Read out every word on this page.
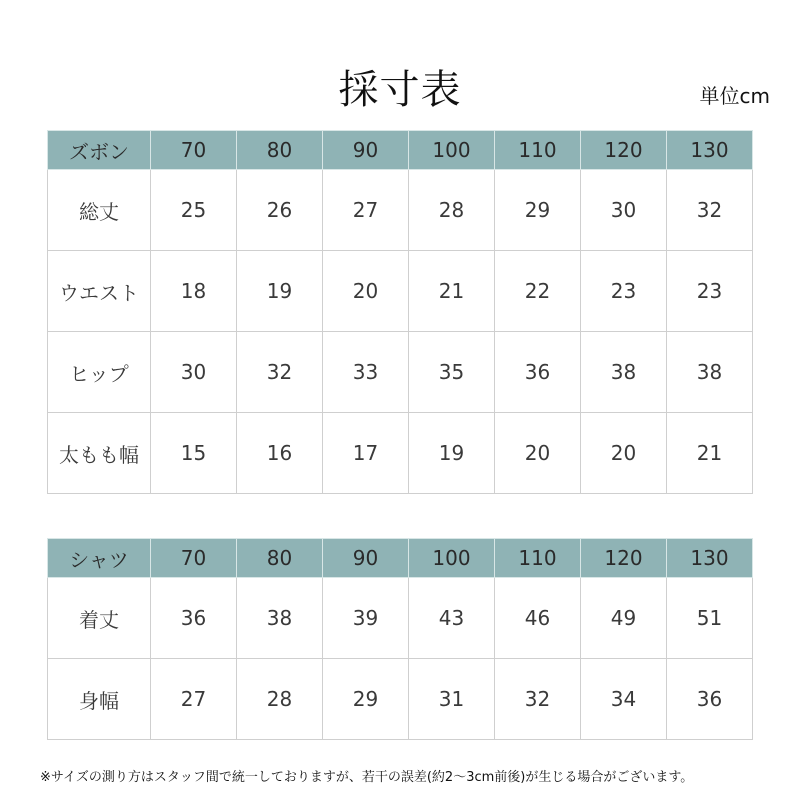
採寸表	単位cm
ズボン	70	80	90	100	110	120	130
総丈	25	26	27	28	29	30	32
ウエスト	18	19	20	21	22	23	23
ヒップ	30	32	33	35	36	38	38
太もも幅	15	16	17	19	20	20	21
シャツ	70	80	90	100	110	120	130
着丈	36	38	39	43	46	49	51
身幅	27	28	29	31	32	34	36
※サイズの測り方はスタッフ間で統一しておりますが、若干の誤差(約2～3cm前後)が生じる場合がございます。
